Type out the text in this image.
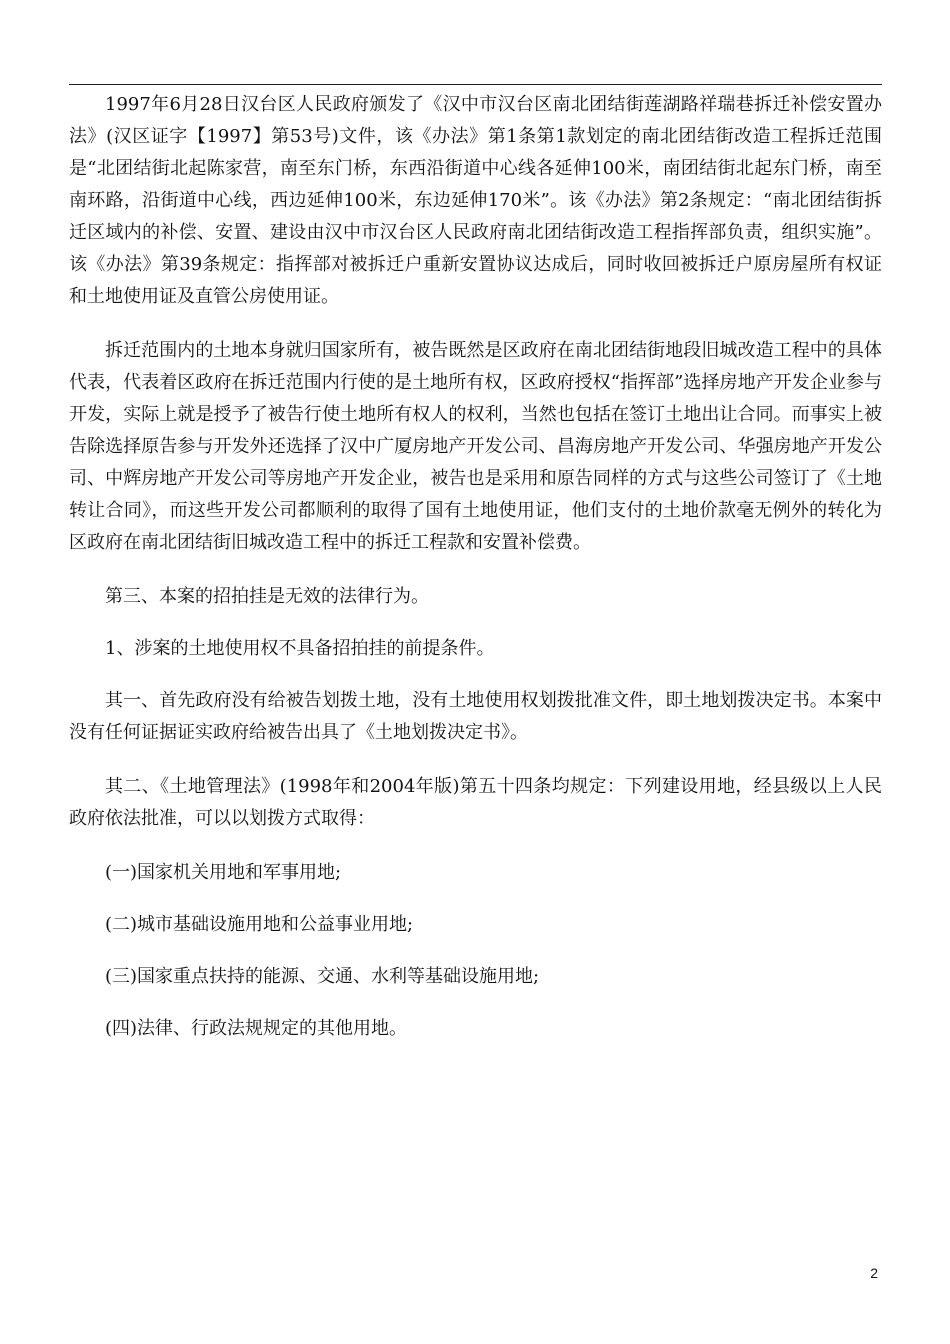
1997年6月28日汉台区人民政府颁发了《汉中市汉台区南北团结街莲湖路祥瑞巷拆迁补偿安置办法》(汉区证字【1997】第53号)文件，该《办法》第1条第1款划定的南北团结街改造工程拆迁范围是“北团结街北起陈家营，南至东门桥，东西沿街道中心线各延伸100米，南团结街北起东门桥，南至南环路，沿街道中心线，西边延伸100米，东边延伸170米”。该《办法》第2条规定：“南北团结街拆迁区域内的补偿、安置、建设由汉中市汉台区人民政府南北团结街改造工程指挥部负责，组织实施”。该《办法》第39条规定：指挥部对被拆迁户重新安置协议达成后，同时收回被拆迁户原房屋所有权证和土地使用证及直管公房使用证。

拆迁范围内的土地本身就归国家所有，被告既然是区政府在南北团结街地段旧城改造工程中的具体代表，代表着区政府在拆迁范围内行使的是土地所有权，区政府授权“指挥部”选择房地产开发企业参与开发，实际上就是授予了被告行使土地所有权人的权利，当然也包括在签订土地出让合同。而事实上被告除选择原告参与开发外还选择了汉中广厦房地产开发公司、昌海房地产开发公司、华强房地产开发公司、中辉房地产开发公司等房地产开发企业，被告也是采用和原告同样的方式与这些公司签订了《土地转让合同》，而这些开发公司都顺利的取得了国有土地使用证，他们支付的土地价款毫无例外的转化为区政府在南北团结街旧城改造工程中的拆迁工程款和安置补偿费。

第三、本案的招拍挂是无效的法律行为。

1、涉案的土地使用权不具备招拍挂的前提条件。

其一、首先政府没有给被告划拨土地，没有土地使用权划拨批准文件，即土地划拨决定书。本案中没有任何证据证实政府给被告出具了《土地划拨决定书》。

其二、《土地管理法》(1998年和2004年版)第五十四条均规定：下列建设用地，经县级以上人民政府依法批准，可以以划拨方式取得：

(一)国家机关用地和军事用地;

(二)城市基础设施用地和公益事业用地;

(三)国家重点扶持的能源、交通、水利等基础设施用地;

(四)法律、行政法规规定的其他用地。

2
